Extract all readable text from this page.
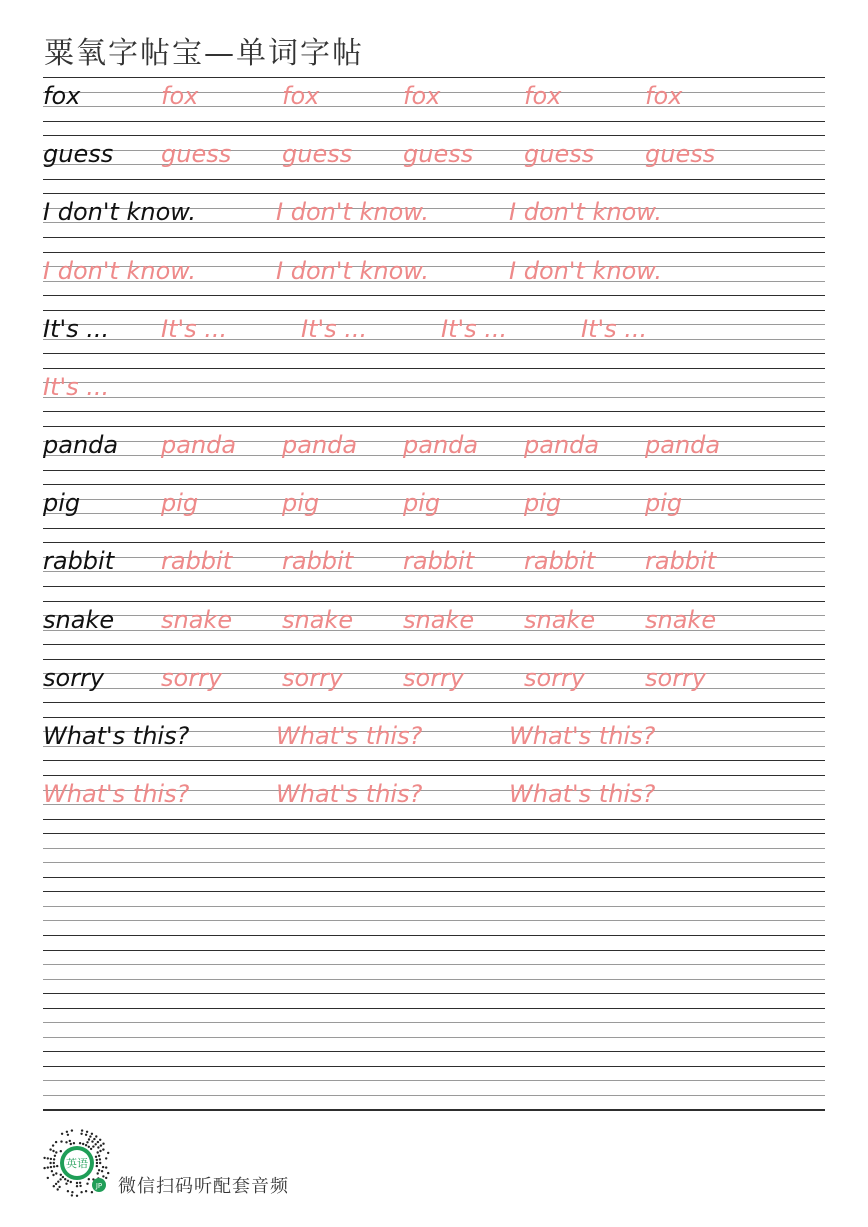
粟氧字帖宝—单词字帖
fox	fox	fox	fox	fox	fox
guess guess guess guess guess guess
I don't know.	I don't know.	I don't know.
I don't know.	I don't know.	I don't know.
It's ... It's ...	It's ...	It's ...	It's ...
It's ...
panda panda panda panda panda panda
pig	pig	pig	pig	pig	pig
rabbit rabbit rabbit rabbit rabbit rabbit
snake snake snake snake snake snake
sorry sorry sorry sorry sorry sorry
What's this?	What's this?	What's this?
What's this?	What's this?	What's this?
英语
JP 微信扫码听配套音频
